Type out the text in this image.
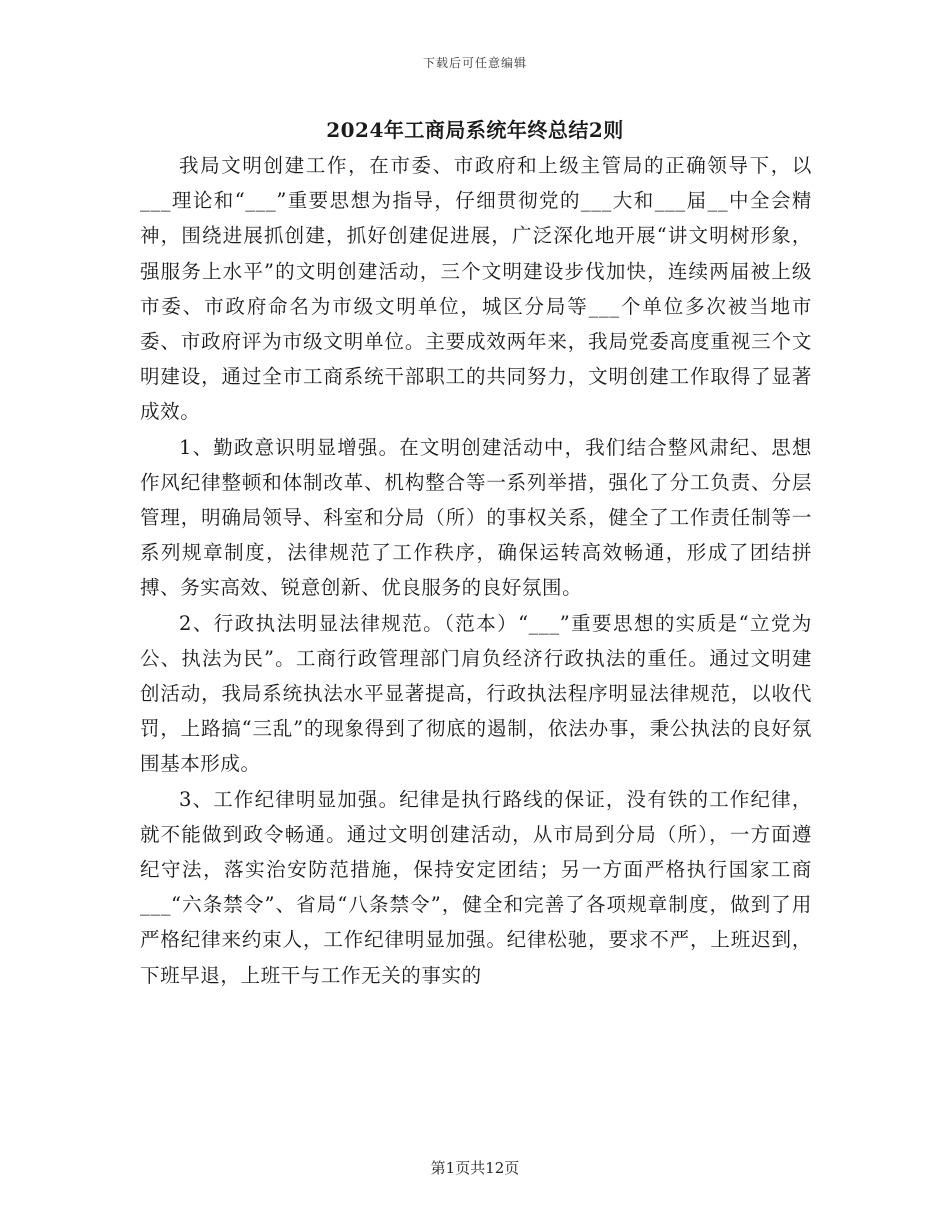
下载后可任意编辑
2024年工商局系统年终总结2则

我局文明创建工作，在市委、市政府和上级主管局的正确领导下，以___理论和“___”重要思想为指导，仔细贯彻党的___大和___届__中全会精神，围绕进展抓创建，抓好创建促进展，广泛深化地开展“讲文明树形象，强服务上水平”的文明创建活动，三个文明建设步伐加快，连续两届被上级市委、市政府命名为市级文明单位，城区分局等___个单位多次被当地市委、市政府评为市级文明单位。主要成效两年来，我局党委高度重视三个文明建设，通过全市工商系统干部职工的共同努力，文明创建工作取得了显著成效。

1、勤政意识明显增强。在文明创建活动中，我们结合整风肃纪、思想作风纪律整顿和体制改革、机构整合等一系列举措，强化了分工负责、分层管理，明确局领导、科室和分局（所）的事权关系，健全了工作责任制等一系列规章制度，法律规范了工作秩序，确保运转高效畅通，形成了团结拼搏、务实高效、锐意创新、优良服务的良好氛围。

2、行政执法明显法律规范。（范本）“___”重要思想的实质是“立党为公、执法为民”。工商行政管理部门肩负经济行政执法的重任。通过文明建创活动，我局系统执法水平显著提高，行政执法程序明显法律规范，以收代罚，上路搞“三乱”的现象得到了彻底的遏制，依法办事，秉公执法的良好氛围基本形成。

3、工作纪律明显加强。纪律是执行路线的保证，没有铁的工作纪律，就不能做到政令畅通。通过文明创建活动，从市局到分局（所），一方面遵纪守法，落实治安防范措施，保持安定团结；另一方面严格执行国家工商___“六条禁令”、省局“八条禁令”，健全和完善了各项规章制度，做到了用严格纪律来约束人，工作纪律明显加强。纪律松驰，要求不严，上班迟到，下班早退，上班干与工作无关的事实的

第1页共12页
